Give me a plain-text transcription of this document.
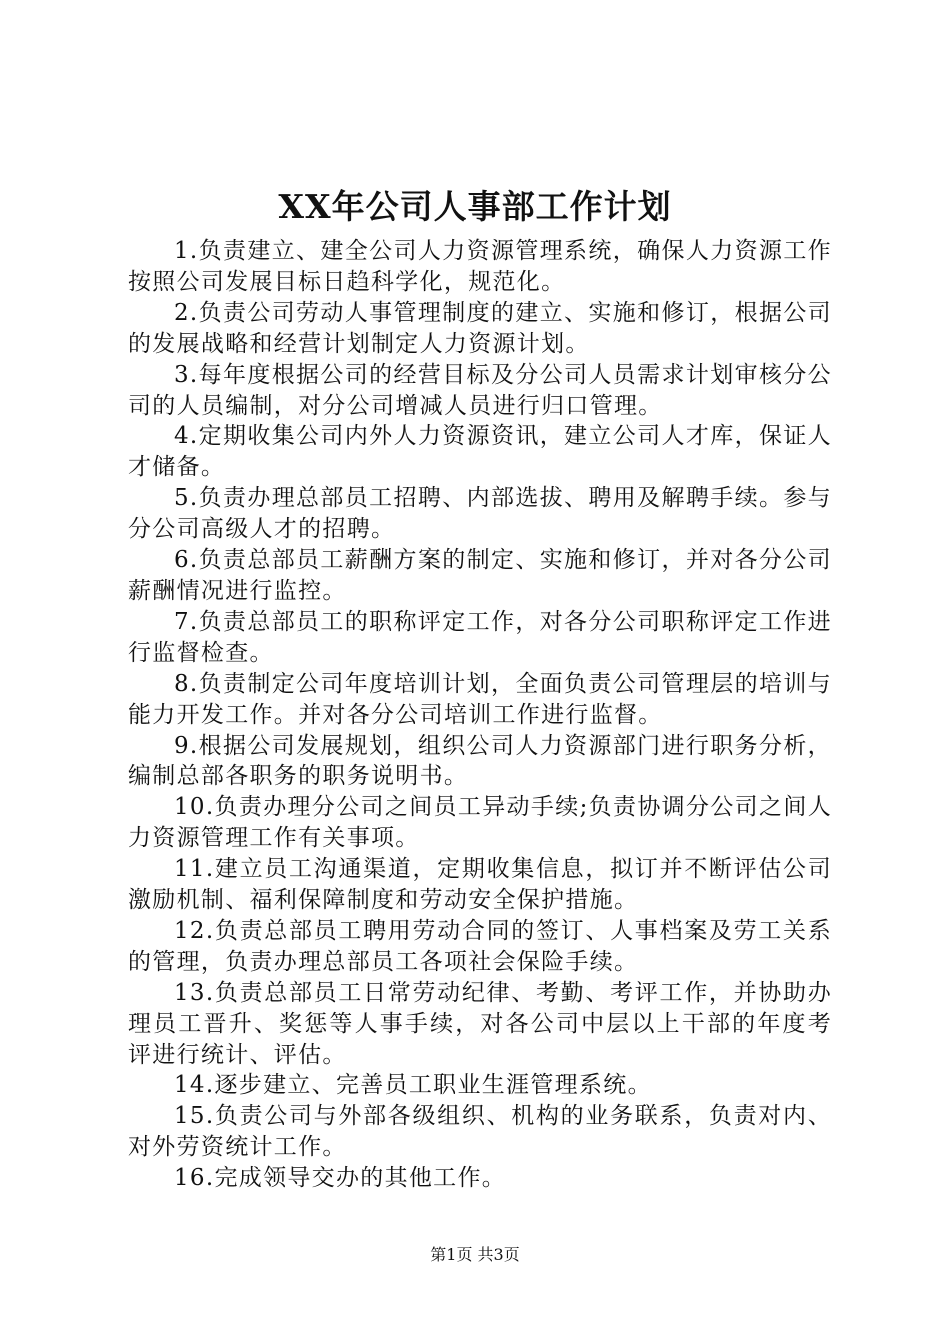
XX年公司人事部工作计划

1.负责建立、建全公司人力资源管理系统，确保人力资源工作按照公司发展目标日趋科学化，规范化。

2.负责公司劳动人事管理制度的建立、实施和修订，根据公司的发展战略和经营计划制定人力资源计划。

3.每年度根据公司的经营目标及分公司人员需求计划审核分公司的人员编制，对分公司增减人员进行归口管理。

4.定期收集公司内外人力资源资讯，建立公司人才库，保证人才储备。

5.负责办理总部员工招聘、内部选拔、聘用及解聘手续。参与分公司高级人才的招聘。

6.负责总部员工薪酬方案的制定、实施和修订，并对各分公司薪酬情况进行监控。

7.负责总部员工的职称评定工作，对各分公司职称评定工作进行监督检查。

8.负责制定公司年度培训计划，全面负责公司管理层的培训与能力开发工作。并对各分公司培训工作进行监督。

9.根据公司发展规划，组织公司人力资源部门进行职务分析，编制总部各职务的职务说明书。

10.负责办理分公司之间员工异动手续;负责协调分公司之间人力资源管理工作有关事项。

11.建立员工沟通渠道，定期收集信息，拟订并不断评估公司激励机制、福利保障制度和劳动安全保护措施。

12.负责总部员工聘用劳动合同的签订、人事档案及劳工关系的管理，负责办理总部员工各项社会保险手续。

13.负责总部员工日常劳动纪律、考勤、考评工作，并协助办理员工晋升、奖惩等人事手续，对各公司中层以上干部的年度考评进行统计、评估。

14.逐步建立、完善员工职业生涯管理系统。

15.负责公司与外部各级组织、机构的业务联系，负责对内、对外劳资统计工作。

16.完成领导交办的其他工作。

第1页 共3页
